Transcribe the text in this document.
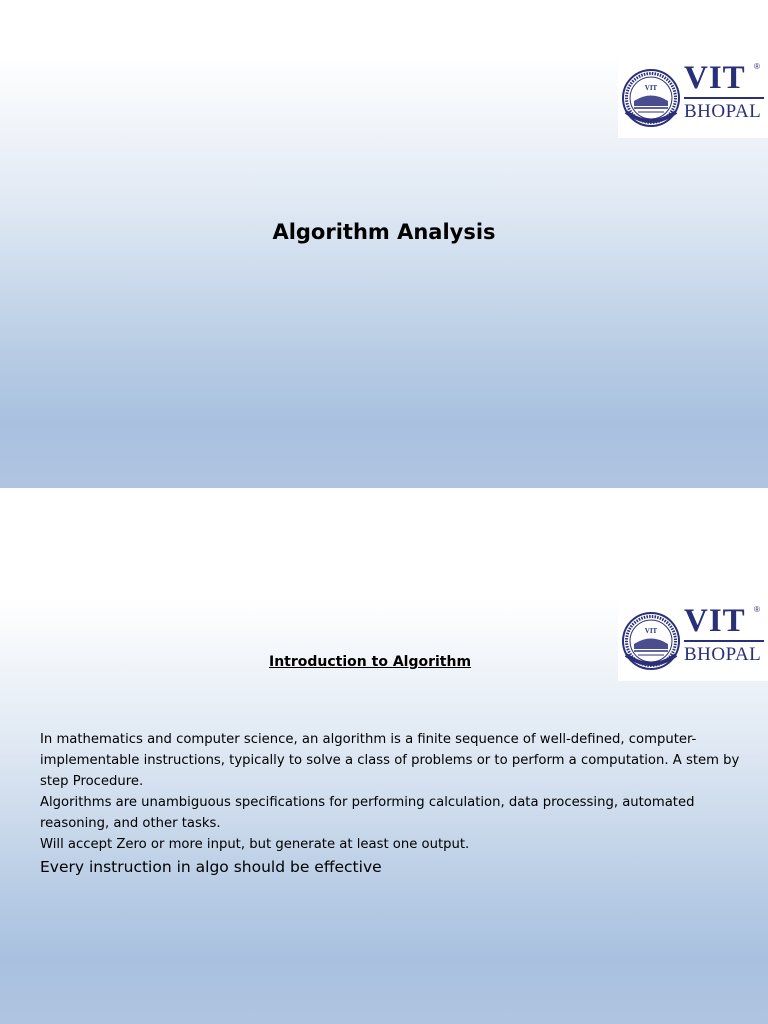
VIT VIT ®
BHOPAL
Algorithm Analysis
VIT VIT ®
BHOPAL
Introduction to Algorithm

In mathematics and computer science, an algorithm is a finite sequence of well-defined, computer-implementable instructions, typically to solve a class of problems or to perform a computation. A stem by step Procedure.

Algorithms are unambiguous specifications for performing calculation, data processing, automated reasoning, and other tasks.

Will accept Zero or more input, but generate at least one output.

Every instruction in algo should be effective
